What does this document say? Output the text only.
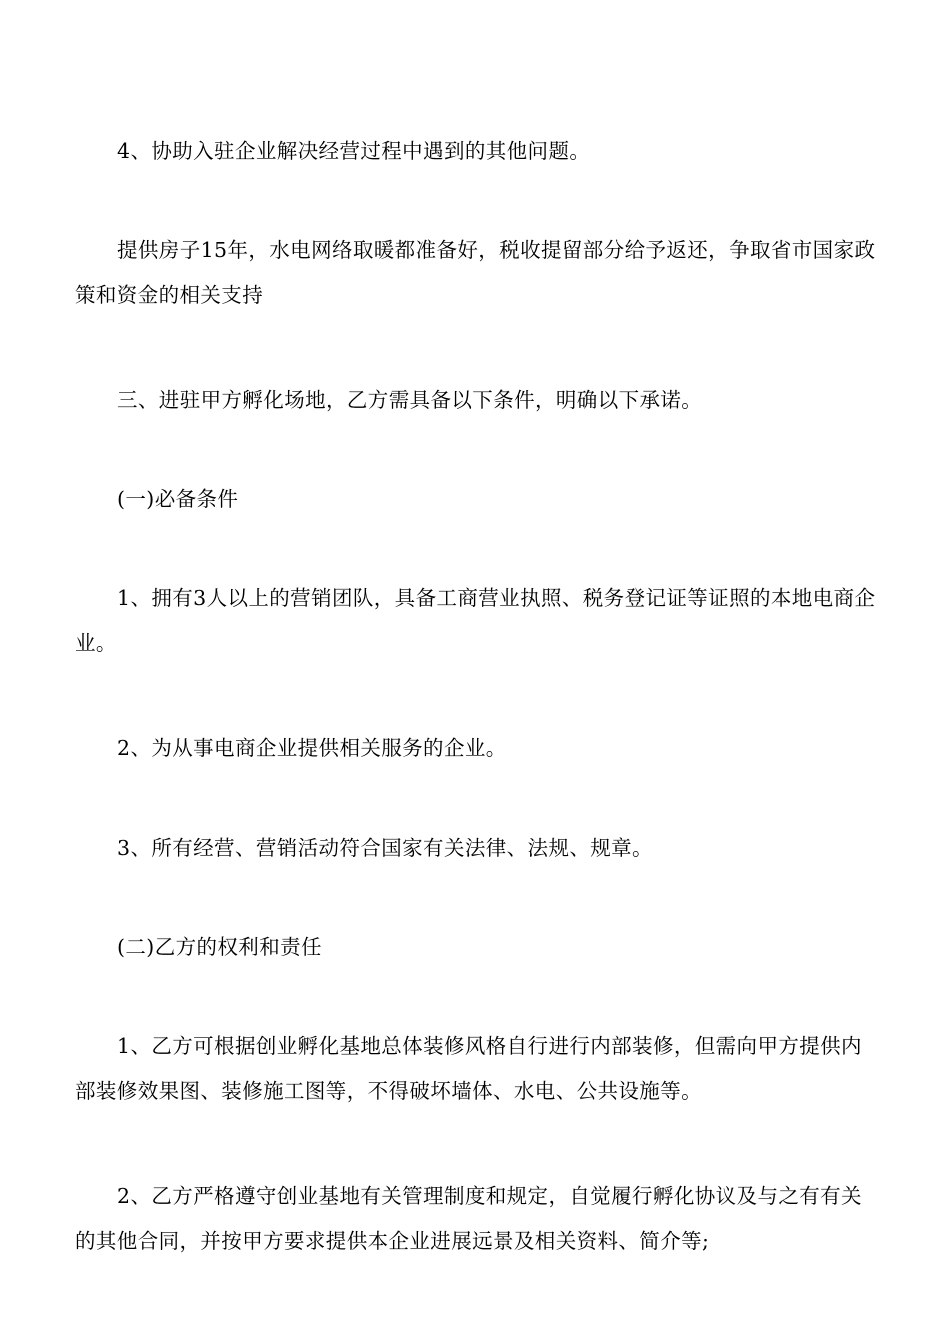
4、协助入驻企业解决经营过程中遇到的其他问题。

提供房子15年，水电网络取暖都准备好，税收提留部分给予返还，争取省市国家政策和资金的相关支持

三、进驻甲方孵化场地，乙方需具备以下条件，明确以下承诺。

(一)必备条件

1、拥有3人以上的营销团队，具备工商营业执照、税务登记证等证照的本地电商企业。

2、为从事电商企业提供相关服务的企业。

3、所有经营、营销活动符合国家有关法律、法规、规章。

(二)乙方的权利和责任

1、乙方可根据创业孵化基地总体装修风格自行进行内部装修，但需向甲方提供内部装修效果图、装修施工图等，不得破坏墙体、水电、公共设施等。

2、乙方严格遵守创业基地有关管理制度和规定，自觉履行孵化协议及与之有有关的其他合同，并按甲方要求提供本企业进展远景及相关资料、简介等;
